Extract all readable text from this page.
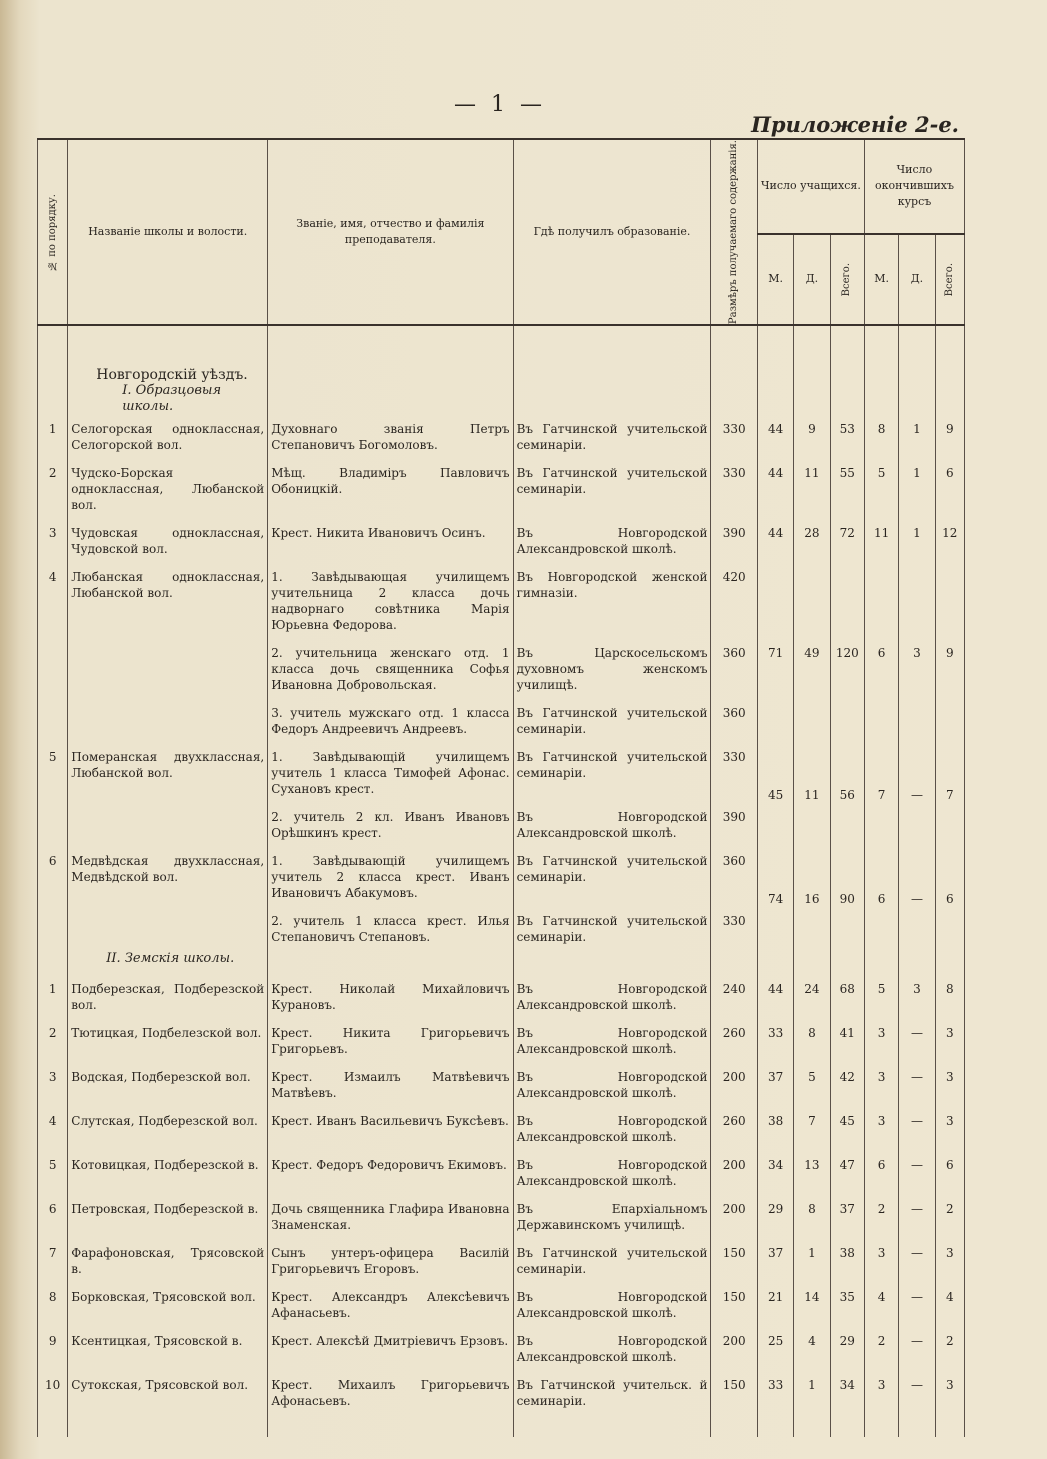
— 1 —
Приложеніе 2-е.
№ по порядку.	Названіе школы и волости.	Званіе, имя, отчество и фамилія преподавателя.	Гдѣ получилъ образованіе.	Размѣръ получаемаго содержанія.	Число учащихся.			Число окончившихъ курсъ		
					М.	Д.	Всего.	М.	Д.	Всего.

	Новгородскій уѣздъ.									
	I. Образцовыя школы.									
1	Селогорская одноклассная, Селогорской вол.	Духовнаго званія Петръ Степановичъ Богомоловъ.	Въ Гатчинской учительской семинаріи.	330	44	9	53	8	1	9
2	Чудско-Борская одноклассная, Любанской вол.	Мѣщ. Владиміръ Павловичъ Обоницкій.	Въ Гатчинской учительской семинаріи.	330	44	11	55	5	1	6
3	Чудовская одноклассная, Чудовской вол.	Крест. Никита Ивановичъ Осинъ.	Въ Новгородской Александровской школѣ.	390	44	28	72	11	1	12
4	Любанская одноклассная, Любанской вол.	1. Завѣдывающая училищемъ учительница 2 класса дочь надворнаго совѣтника Марія Юрьевна Федорова.	Въ Новгородской женской гимназіи.	420	71	49	120	6	3	9
		2. учительница женскаго отд. 1 класса дочь священника Софья Ивановна Добровольская.	Въ Царскосельскомъ духовномъ женскомъ училищѣ.	360						
		3. учитель мужскаго отд. 1 класса Федоръ Андреевичъ Андреевъ.	Въ Гатчинской учительской семинаріи.	360						
5	Померанская двухклассная, Любанской вол.	1. Завѣдывающій училищемъ учитель 1 класса Тимофей Афонас. Сухановъ крест.	Въ Гатчинской учительской семинаріи.	330	45	11	56	7	—	7
		2. учитель 2 кл. Иванъ Ивановъ Орѣшкинъ крест.	Въ Новгородской Александровской школѣ.	390						
6	Медвѣдская двухклассная, Медвѣдской вол.	1. Завѣдывающій училищемъ учитель 2 класса крест. Иванъ Ивановичъ Абакумовъ.	Въ Гатчинской учительской семинаріи.	360	74	16	90	6	—	6
		2. учитель 1 класса крест. Илья Степановичъ Степановъ.	Въ Гатчинской учительской семинаріи.	330						
	II. Земскія школы.									
1	Подберезская, Подберезской вол.	Крест. Николай Михайловичъ Курановъ.	Въ Новгородской Александровской школѣ.	240	44	24	68	5	3	8
2	Тютицкая, Подбелезской вол.	Крест. Никита Григорьевичъ Григорьевъ.	Въ Новгородской Александровской школѣ.	260	33	8	41	3	—	3
3	Водская, Подберезской вол.	Крест. Измаилъ Матвѣевичъ Матвѣевъ.	Въ Новгородской Александровской школѣ.	200	37	5	42	3	—	3
4	Слутская, Подберезской вол.	Крест. Иванъ Васильевичъ Буксѣевъ.	Въ Новгородской Александровской школѣ.	260	38	7	45	3	—	3
5	Котовицкая, Подберезской в.	Крест. Федоръ Федоровичъ Екимовъ.	Въ Новгородской Александровской школѣ.	200	34	13	47	6	—	6
6	Петровская, Подберезской в.	Дочь священника Глафира Ивановна Знаменская.	Въ Епархіальномъ Державинскомъ училищѣ.	200	29	8	37	2	—	2
7	Фарафоновская, Трясовской в.	Сынъ унтеръ-офицера Василій Григорьевичъ Егоровъ.	Въ Гатчинской учительской семинаріи.	150	37	1	38	3	—	3
8	Борковская, Трясовской вол.	Крест. Александръ Алексѣевичъ Афанасьевъ.	Въ Новгородской Александровской школѣ.	150	21	14	35	4	—	4
9	Ксентицкая, Трясовской в.	Крест. Алексѣй Дмитріевичъ Ерзовъ.	Въ Новгородской Александровской школѣ.	200	25	4	29	2	—	2
10	Сутокская, Трясовской вол.	Крест. Михаилъ Григорьевичъ Афонасьевъ.	Въ Гатчинской учительск. й семинаріи.	150	33	1	34	3	—	3
